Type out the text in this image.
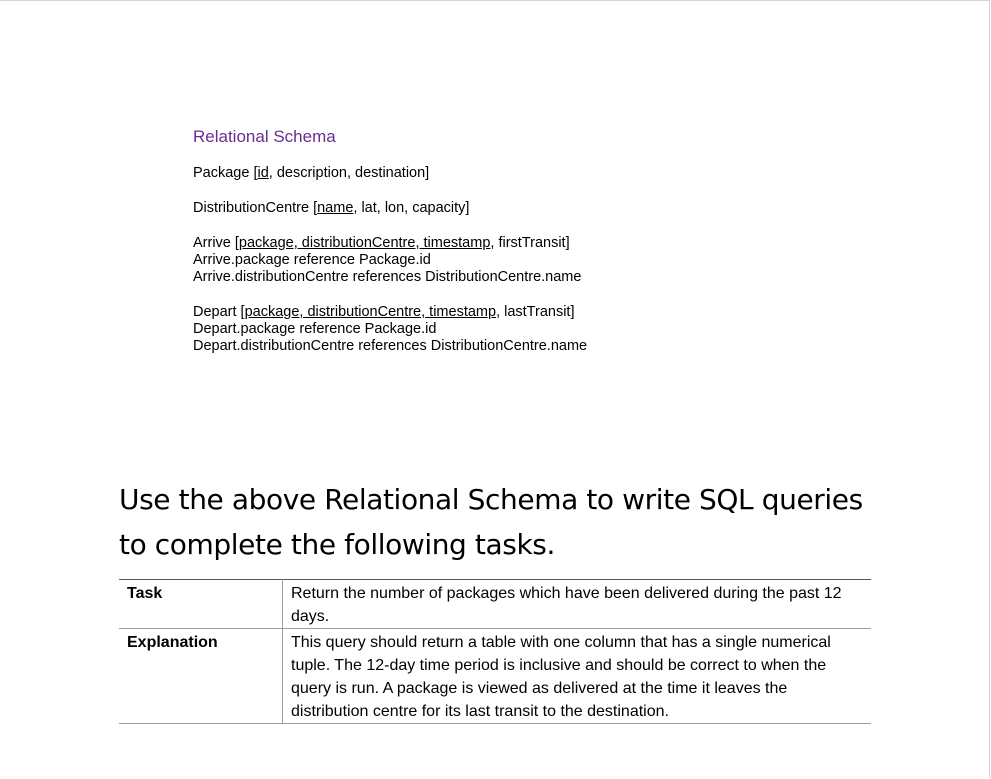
Relational Schema
Package [id, description, destination]
DistributionCentre [name, lat, lon, capacity]
Arrive [package, distributionCentre, timestamp, firstTransit]
Arrive.package reference Package.id
Arrive.distributionCentre references DistributionCentre.name
Depart [package, distributionCentre, timestamp, lastTransit]
Depart.package reference Package.id
Depart.distributionCentre references DistributionCentre.name
Use the above Relational Schema to write SQL queries to complete the following tasks.
Task	Return the number of packages which have been delivered during the past 12 days.
Explanation	This query should return a table with one column that has a single numerical tuple. The 12-day time period is inclusive and should be correct to when the query is run. A package is viewed as delivered at the time it leaves the distribution centre for its last transit to the destination.
